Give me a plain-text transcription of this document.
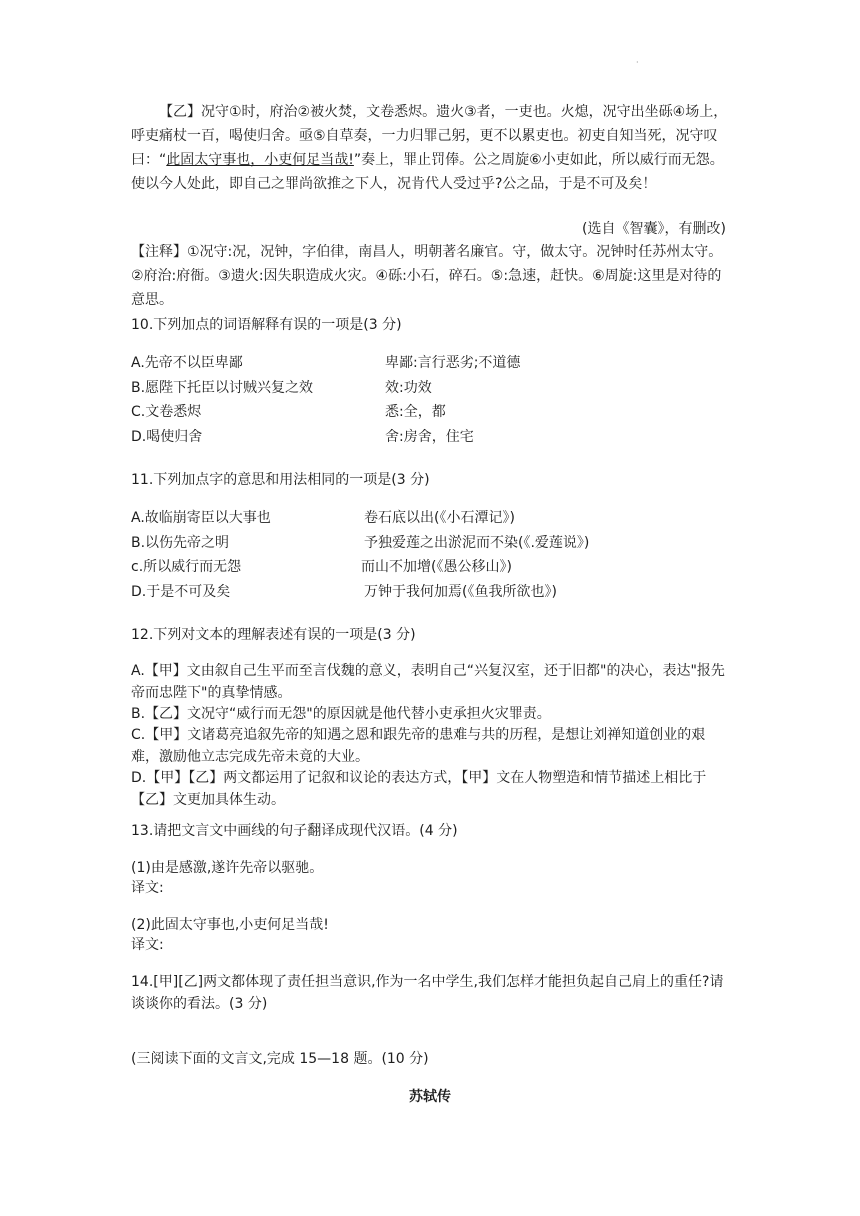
·
【乙】况守①时，府治②被火焚，文卷悉烬。遗火③者，一吏也。火熄，况守出坐砾④场上，呼吏痛杖一百，喝使归舍。亟⑤自草奏，一力归罪己躬，更不以累吏也。初吏自知当死，况守叹曰：“此固太守事也，小吏何足当哉!”奏上，罪止罚俸。公之周旋⑥小吏如此，所以威行而无怨。使以今人处此，即自己之罪尚欲推之下人，况肯代人受过乎?公之品，于是不可及矣！
(选自《智囊》，有删改)
【注释】①况守:况，况钟，字伯律，南昌人，明朝著名廉官。守，做太守。况钟时任苏州太守。②府治:府衙。③遗火:因失职造成火灾。④砾:小石，碎石。⑤:急速，赶快。⑥周旋:这里是对待的意思。
10.下列加点的词语解释有误的一项是(3 分)
A.先帝不以臣卑鄙	卑鄙:言行恶劣;不道德
B.愿陛下托臣以讨贼兴复之效	效:功效
C.文卷悉烬	悉:全，都
D.喝使归舍	舍:房舍，住宅
11.下列加点字的意思和用法相同的一项是(3 分)
A.故临崩寄臣以大事也	卷石底以出(《小石潭记》)
B.以伤先帝之明	予独爱莲之出淤泥而不染(《.爱莲说》)
c.所以威行而无怨	而山不加增(《愚公移山》)
D.于是不可及矣	万钟于我何加焉(《鱼我所欲也》)
12.下列对文本的理解表述有误的一项是(3 分)
A.【甲】文由叙自己生平而至言伐魏的意义，表明自己“兴复汉室，还于旧都"的决心，表达"报先帝而忠陛下"的真挚情感。
B.【乙】文况守“威行而无怨"的原因就是他代替小吏承担火灾罪责。
C.【甲】文诸葛亮追叙先帝的知遇之恩和跟先帝的患难与共的历程，是想让刘禅知道创业的艰难，激励他立志完成先帝未竟的大业。
D.【甲】【乙】两文都运用了记叙和议论的表达方式，【甲】文在人物塑造和情节描述上相比于【乙】文更加具体生动。
13.请把文言文中画线的句子翻译成现代汉语。(4 分)
(1)由是感激,遂许先帝以驱驰。
译文:
(2)此固太守事也,小吏何足当哉!
译文:
14.[甲][乙]两文都体现了责任担当意识,作为一名中学生,我们怎样才能担负起自己肩上的重任?请谈谈你的看法。(3 分)
(三阅读下面的文言文,完成 15—18 题。(10 分)
苏轼传
